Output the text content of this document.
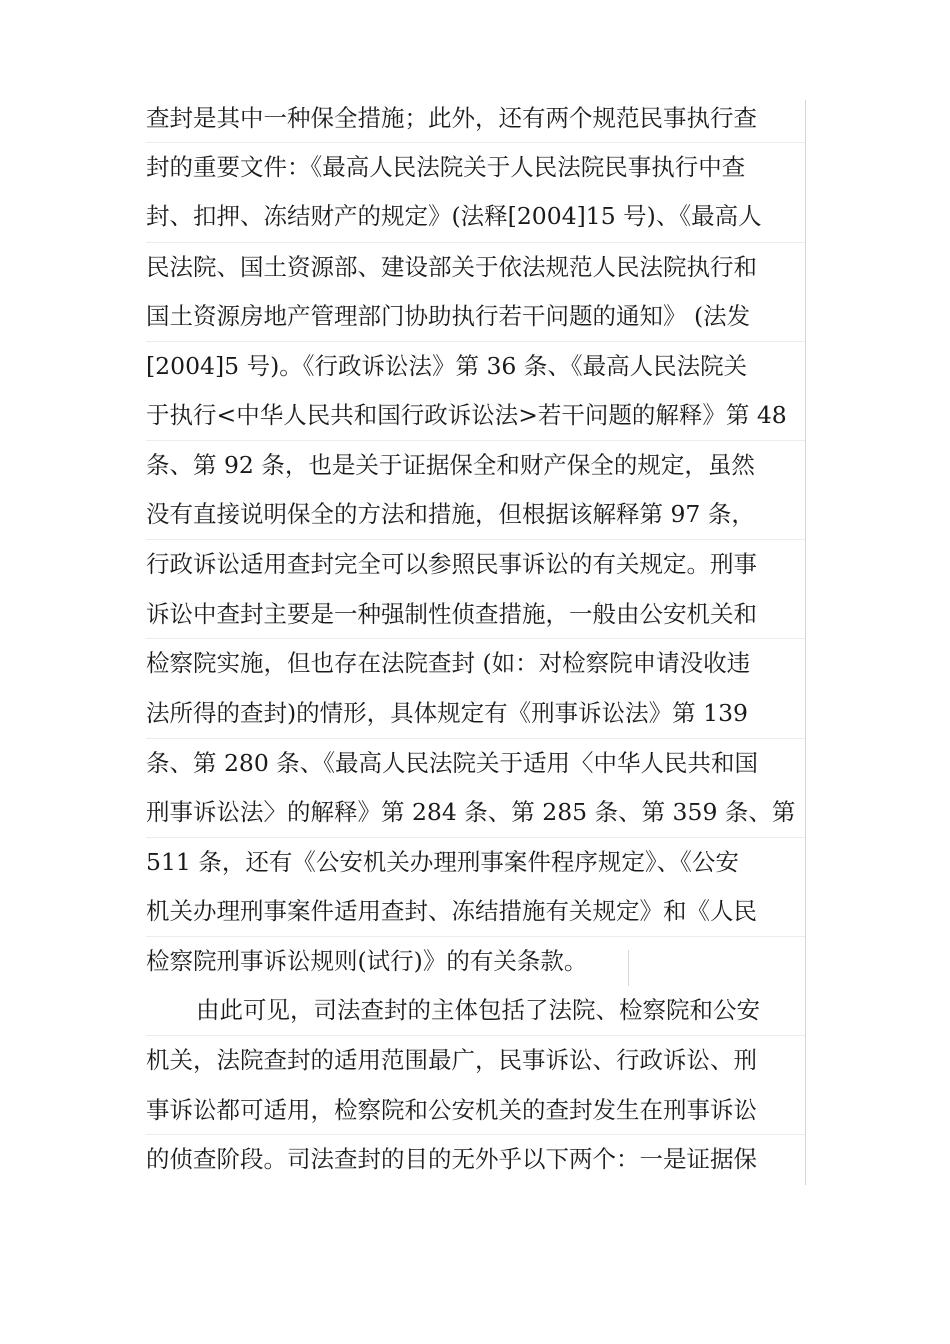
查封是其中一种保全措施；此外，还有两个规范民事执行查
封的重要文件：《最高人民法院关于人民法院民事执行中查
封、扣押、冻结财产的规定》(法释[2004]15 号)、《最高人
民法院、国土资源部、建设部关于依法规范人民法院执行和
国土资源房地产管理部门协助执行若干问题的通知》 (法发
[2004]5 号)。《行政诉讼法》第 36 条、《最高人民法院关
于执行<中华人民共和国行政诉讼法>若干问题的解释》第 48
条、第 92 条，也是关于证据保全和财产保全的规定，虽然
没有直接说明保全的方法和措施，但根据该解释第 97 条，
行政诉讼适用查封完全可以参照民事诉讼的有关规定。刑事
诉讼中查封主要是一种强制性侦查措施，一般由公安机关和
检察院实施，但也存在法院查封 (如：对检察院申请没收违
法所得的查封)的情形，具体规定有《刑事诉讼法》第 139
条、第 280 条、《最高人民法院关于适用〈中华人民共和国
刑事诉讼法〉的解释》第 284 条、第 285 条、第 359 条、第
511 条，还有《公安机关办理刑事案件程序规定》、《公安
机关办理刑事案件适用查封、冻结措施有关规定》和《人民
检察院刑事诉讼规则(试行)》的有关条款。
由此可见，司法查封的主体包括了法院、检察院和公安
机关，法院查封的适用范围最广，民事诉讼、行政诉讼、刑
事诉讼都可适用，检察院和公安机关的查封发生在刑事诉讼
的侦查阶段。司法查封的目的无外乎以下两个：一是证据保
